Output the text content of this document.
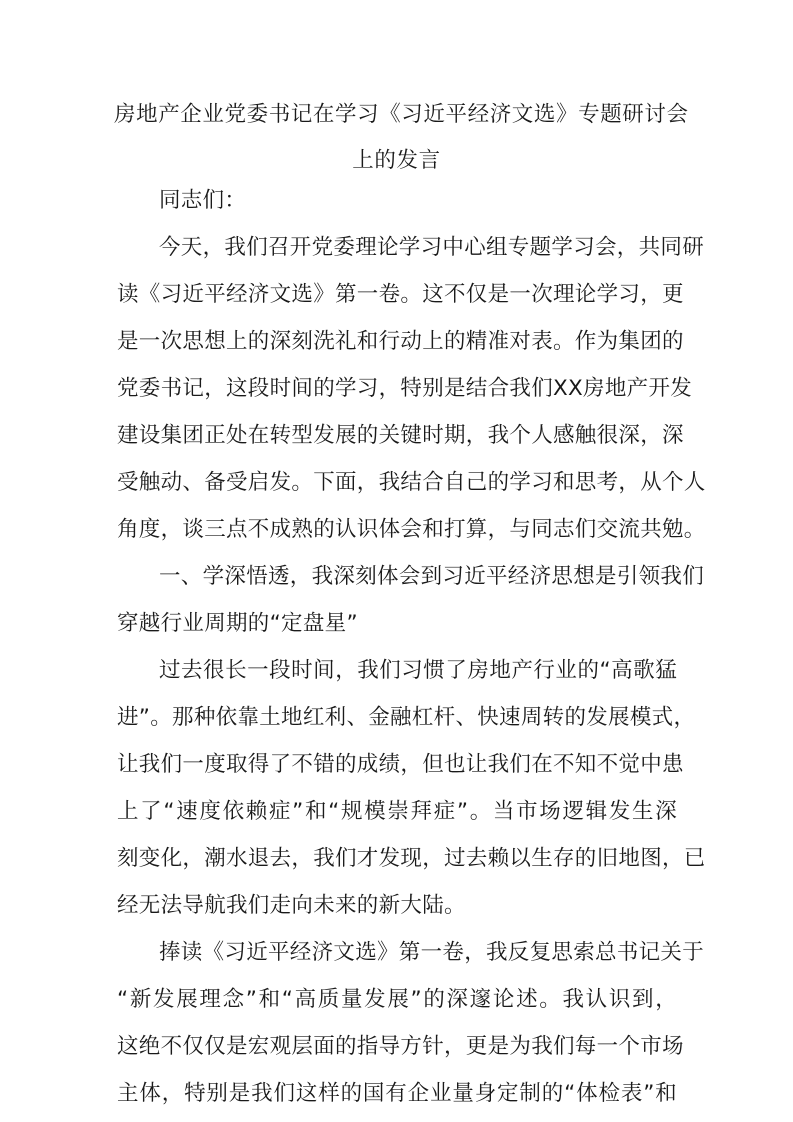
房地产企业党委书记在学习《习近平经济文选》专题研讨会
上的发言
同志们：
今天，我们召开党委理论学习中心组专题学习会，共同研
读《习近平经济文选》第一卷。这不仅是一次理论学习，更
是一次思想上的深刻洗礼和行动上的精准对表。作为集团的
党委书记，这段时间的学习，特别是结合我们XX房地产开发
建设集团正处在转型发展的关键时期，我个人感触很深，深
受触动、备受启发。下面，我结合自己的学习和思考，从个人
角度，谈三点不成熟的认识体会和打算，与同志们交流共勉。
一、学深悟透，我深刻体会到习近平经济思想是引领我们
穿越行业周期的“定盘星”
过去很长一段时间，我们习惯了房地产行业的“高歌猛
进”。那种依靠土地红利、金融杠杆、快速周转的发展模式，
让我们一度取得了不错的成绩，但也让我们在不知不觉中患
上了“速度依赖症”和“规模崇拜症”。当市场逻辑发生深
刻变化，潮水退去，我们才发现，过去赖以生存的旧地图，已
经无法导航我们走向未来的新大陆。
捧读《习近平经济文选》第一卷，我反复思索总书记关于
“新发展理念”和“高质量发展”的深邃论述。我认识到，
这绝不仅仅是宏观层面的指导方针，更是为我们每一个市场
主体，特别是我们这样的国有企业量身定制的“体检表”和
